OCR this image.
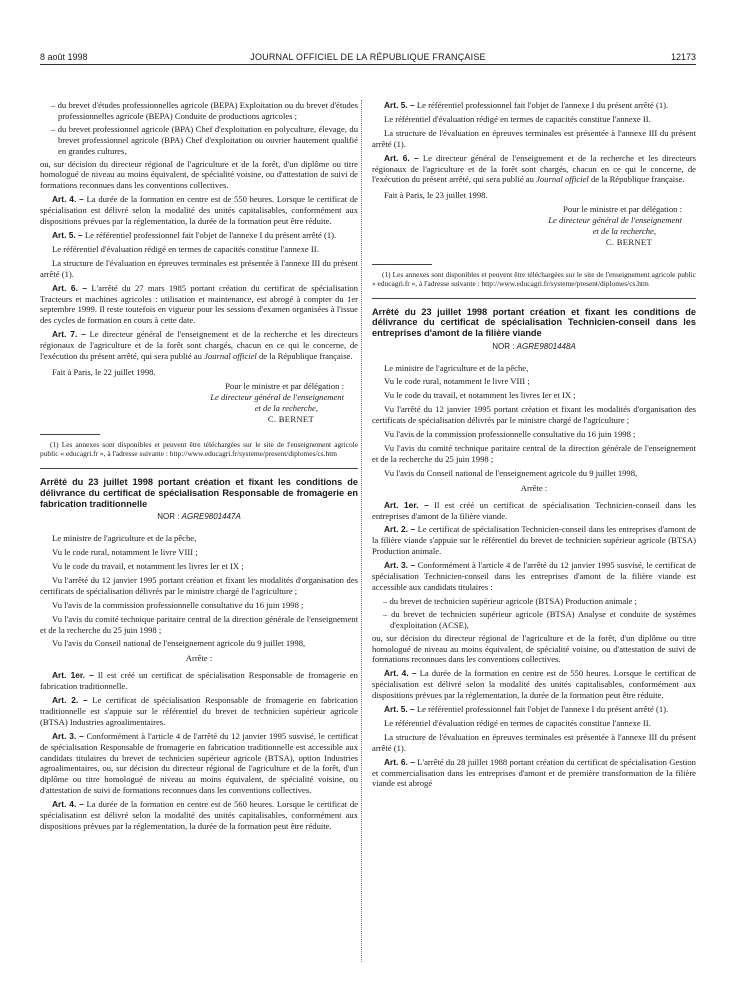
8 août 1998	JOURNAL OFFICIEL DE LA RÉPUBLIQUE FRANÇAISE	12173

– du brevet d'études professionnelles agricole (BEPA) Exploitation ou du brevet d'études professionnelles agricole (BEPA) Conduite de productions agricoles ;

– du brevet professionnel agricole (BPA) Chef d'exploitation en polyculture, élevage, du brevet professionnel agricole (BPA) Chef d'exploitation ou ouvrier hautement qualifié en grandes cultures,

ou, sur décision du directeur régional de l'agriculture et de la forêt, d'un diplôme ou titre homologué de niveau au moins équivalent, de spécialité voisine, ou d'attestation de suivi de formations reconnues dans les conventions collectives.

Art. 4. – La durée de la formation en centre est de 550 heures. Lorsque le certificat de spécialisation est délivré selon la modalité des unités capitalisables, conformément aux dispositions prévues par la réglementation, la durée de la formation peut être réduite.

Art. 5. – Le référentiel professionnel fait l'objet de l'annexe I du présent arrêté (1).

Le référentiel d'évaluation rédigé en termes de capacités constitue l'annexe II.

La structure de l'évaluation en épreuves terminales est présentée à l'annexe III du présent arrêté (1).

Art. 6. – L'arrêté du 27 mars 1985 portant création du certificat de spécialisation Tracteurs et machines agricoles : utilisation et maintenance, est abrogé à compter du 1er septembre 1999. Il reste toutefois en vigueur pour les sessions d'examen organisées à l'issue des cycles de formation en cours à cette date.

Art. 7. – Le directeur général de l'enseignement et de la recherche et les directeurs régionaux de l'agriculture et de la forêt sont chargés, chacun en ce qui le concerne, de l'exécution du présent arrêté, qui sera publié au Journal officiel de la République française.

Fait à Paris, le 22 juillet 1998.

Pour le ministre et par délégation :

Le directeur général de l'enseignement

et de la recherche,

C. BERNET

(1) Les annexes sont disponibles et peuvent être téléchargées sur le site de l'enseignement agricole public « educagri.fr », à l'adresse suivante : http://www.educagri.fr/systeme/present/diplomes/cs.htm

Arrêté du 23 juillet 1998 portant création et fixant les conditions de délivrance du certificat de spécialisation Responsable de fromagerie en fabrication traditionnelle

NOR : AGRE9801447A

Le ministre de l'agriculture et de la pêche,

Vu le code rural, notamment le livre VIII ;

Vu le code du travail, et notamment les livres Ier et IX ;

Vu l'arrêté du 12 janvier 1995 portant création et fixant les modalités d'organisation des certificats de spécialisation délivrés par le ministre chargé de l'agriculture ;

Vu l'avis de la commission professionnelle consultative du 16 juin 1998 ;

Vu l'avis du comité technique paritaire central de la direction générale de l'enseignement et de la recherche du 25 juin 1998 ;

Vu l'avis du Conseil national de l'enseignement agricole du 9 juillet 1998,

Arrête :

Art. 1er. – Il est créé un certificat de spécialisation Responsable de fromagerie en fabrication traditionnelle.

Art. 2. – Le certificat de spécialisation Responsable de fromagerie en fabrication traditionnelle est s'appuie sur le référentiel du brevet de technicien supérieur agricole (BTSA) Industries agroalimentaires.

Art. 3. – Conformément à l'article 4 de l'arrêté du 12 janvier 1995 susvisé, le certificat de spécialisation Responsable de fromagerie en fabrication traditionnelle est accessible aux candidats titulaires du brevet de technicien supérieur agricole (BTSA), option Industries agroalimentaires, ou, sur décision du directeur régional de l'agriculture et de la forêt, d'un diplôme ou titre homologué de niveau au moins équivalent, de spécialité voisine, ou d'attestation de suivi de formations reconnues dans les conventions collectives.

Art. 4. – La durée de la formation en centre est de 560 heures. Lorsque le certificat de spécialisation est délivré selon la modalité des unités capitalisables, conformément aux dispositions prévues par la réglementation, la durée de la formation peut être réduite.

Art. 5. – Le référentiel professionnel fait l'objet de l'annexe I du présent arrêté (1).

Le référentiel d'évaluation rédigé en termes de capacités constitue l'annexe II.

La structure de l'évaluation en épreuves terminales est présentée à l'annexe III du présent arrêté (1).

Art. 6. – Le directeur général de l'enseignement et de la recherche et les directeurs régionaux de l'agriculture et de la forêt sont chargés, chacun en ce qui le concerne, de l'exécution du présent arrêté, qui sera publié au Journal officiel de la République française.

Fait à Paris, le 23 juillet 1998.

Pour le ministre et par délégation :

Le directeur général de l'enseignement

et de la recherche,

C. BERNET

(1) Les annexes sont disponibles et peuvent être téléchargées sur le site de l'enseignement agricole public « educagri.fr », à l'adresse suivante : http://www.educagri.fr/systeme/present/diplomes/cs.htm

Arrêté du 23 juillet 1998 portant création et fixant les conditions de délivrance du certificat de spécialisation Technicien-conseil dans les entreprises d'amont de la filière viande

NOR : AGRE9801448A

Le ministre de l'agriculture et de la pêche,

Vu le code rural, notamment le livre VIII ;

Vu le code du travail, et notamment les livres Ier et IX ;

Vu l'arrêté du 12 janvier 1995 portant création et fixant les modalités d'organisation des certificats de spécialisation délivrés par le ministre chargé de l'agriculture ;

Vu l'avis de la commission professionnelle consultative du 16 juin 1998 ;

Vu l'avis du comité technique paritaire central de la direction générale de l'enseignement et de la recherche du 25 juin 1998 ;

Vu l'avis du Conseil national de l'enseignement agricole du 9 juillet 1998,

Arrête :

Art. 1er. – Il est créé un certificat de spécialisation Technicien-conseil dans les entreprises d'amont de la filière viande.

Art. 2. – Le certificat de spécialisation Technicien-conseil dans les entreprises d'amont de la filière viande s'appuie sur le référentiel du brevet de technicien supérieur agricole (BTSA) Production animale.

Art. 3. – Conformément à l'article 4 de l'arrêté du 12 janvier 1995 susvisé, le certificat de spécialisation Technicien-conseil dans les entreprises d'amont de la filière viande est accessible aux candidats titulaires :

– du brevet de technicien supérieur agricole (BTSA) Production animale ;

– du brevet de technicien supérieur agricole (BTSA) Analyse et conduite de systèmes d'exploitation (ACSE),

ou, sur décision du directeur régional de l'agriculture et de la forêt, d'un diplôme ou titre homologué de niveau au moins équivalent, de spécialité voisine, ou d'attestation de suivi de formations reconnues dans les conventions collectives.

Art. 4. – La durée de la formation en centre est de 550 heures. Lorsque le certificat de spécialisation est délivré selon la modalité des unités capitalisables, conformément aux dispositions prévues par la réglementation, la durée de la formation peut être réduite.

Art. 5. – Le référentiel professionnel fait l'objet de l'annexe I du présent arrêté (1).

Le référentiel d'évaluation rédigé en termes de capacités constitue l'annexe II.

La structure de l'évaluation en épreuves terminales est présentée à l'annexe III du présent arrêté (1).

Art. 6. – L'arrêté du 28 juillet 1988 portant création du certificat de spécialisation Gestion et commercialisation dans les entreprises d'amont et de première transformation de la filière viande est abrogé
